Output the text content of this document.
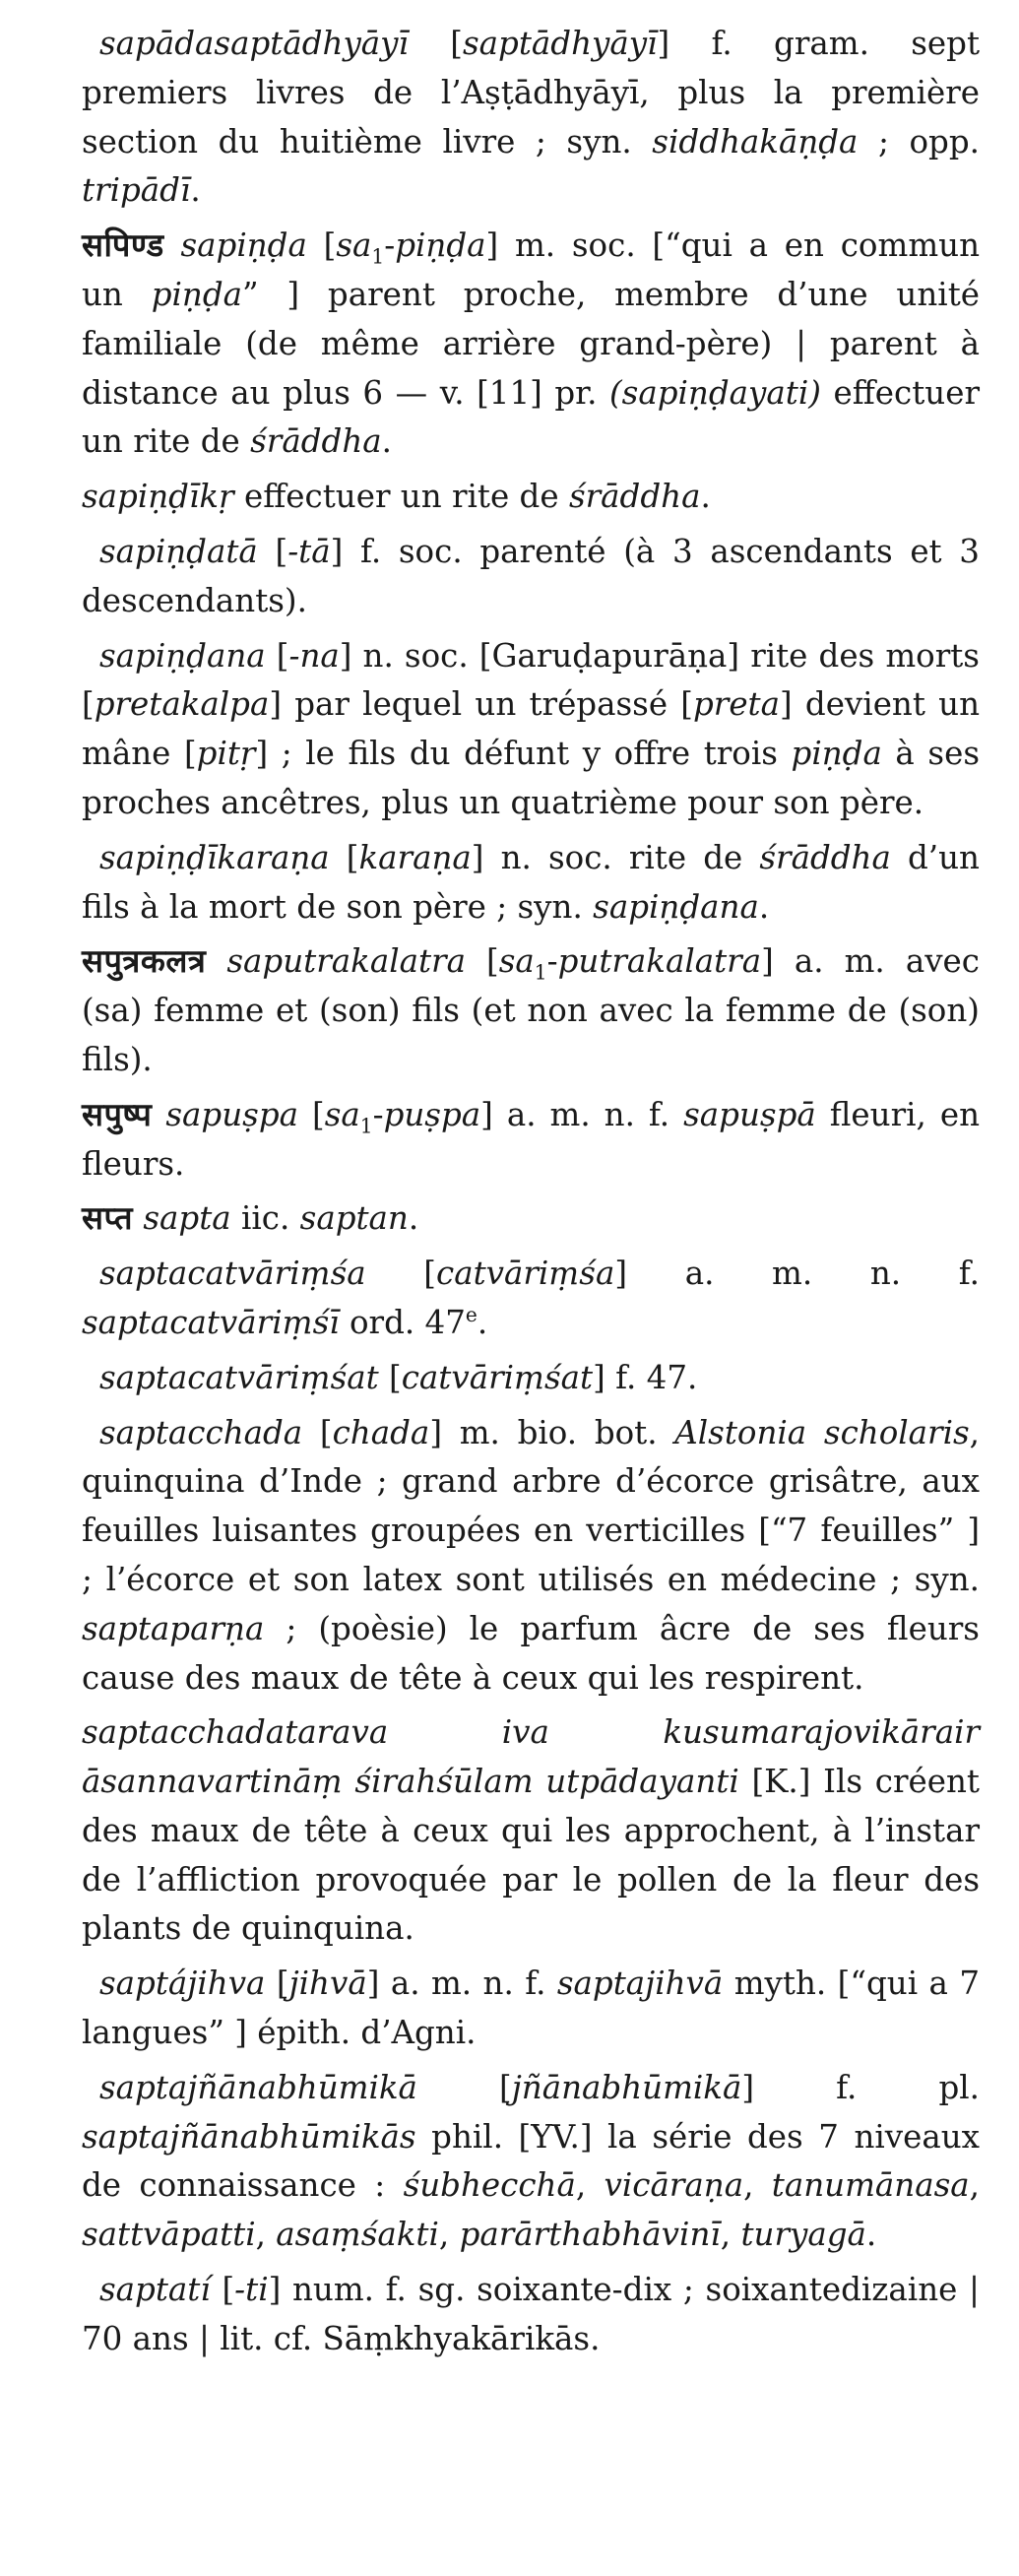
sapādasaptādhyāyī [saptādhyāyī] f. gram. sept premiers livres de l’Aṣṭādhyāyī, plus la première section du huitième livre ; syn. siddhakāṇḍa ; opp. tripādī.

सपिण्ड sapiṇḍa $[sa_1-piṇḍa]$ m. soc. [“qui a en commun un piṇḍa” ] parent proche, membre d’une unité familiale (de même arrière grand-père) | parent à distance au plus 6 — v. [11] pr. (sapiṇḍayati) effectuer un rite de śrāddha.

sapiṇḍīkṛ effectuer un rite de śrāddha.

sapiṇḍatā [-tā] f. soc. parenté (à 3 ascendants et 3 descendants).

sapiṇḍana [-na] n. soc. [Garuḍapurāṇa] rite des morts [pretakalpa] par lequel un trépassé [preta] devient un mâne [pitṛ] ; le fils du défunt y offre trois piṇḍa à ses proches ancêtres, plus un quatrième pour son père.

sapiṇḍīkaraṇa [karaṇa] n. soc. rite de śrāddha d’un fils à la mort de son père ; syn. sapiṇḍana.

सपुत्रकलत्र saputrakalatra $[sa_1-putrakalatra]$ a. m. avec (sa) femme et (son) fils (et non avec la femme de (son) fils).

सपुष्प sapuṣpa $[sa_1-puṣpa]$ a. m. n. f. sapuṣpā fleuri, en fleurs.

सप्त sapta iic. saptan.

saptacatvāriṃśa [catvāriṃśa] a. m. n. f. saptacatvāriṃśī ord. 47e.

saptacatvāriṃśat [catvāriṃśat] f. 47.

saptacchada [chada] m. bio. bot. Alstonia scholaris, quinquina d’Inde ; grand arbre d’écorce grisâtre, aux feuilles luisantes groupées en verticilles [“7 feuilles” ] ; l’écorce et son latex sont utilisés en médecine ; syn. saptaparṇa ; (poèsie) le parfum âcre de ses fleurs cause des maux de tête à ceux qui les respirent.

saptacchadatarava iva kusumarajovikārair āsannavartināṃ śirahśūlam utpādayanti [K.] Ils créent des maux de tête à ceux qui les approchent, à l’instar de l’affliction provoquée par le pollen de la fleur des plants de quinquina.

saptájihva [jihvā] a. m. n. f. saptajihvā myth. [“qui a 7 langues” ] épith. d’Agni.

saptajñānabhūmikā [jñānabhūmikā] f. pl. saptajñānabhūmikās phil. [YV.] la série des 7 niveaux de connaissance : śubhecchā, vicāraṇa, tanumānasa, sattvāpatti, asaṃśakti, parārthabhāvinī, turyagā.

saptatí [-ti] num. f. sg. soixante-dix ; soixantedizaine | 70 ans | lit. cf. Sāṃkhyakārikās.
